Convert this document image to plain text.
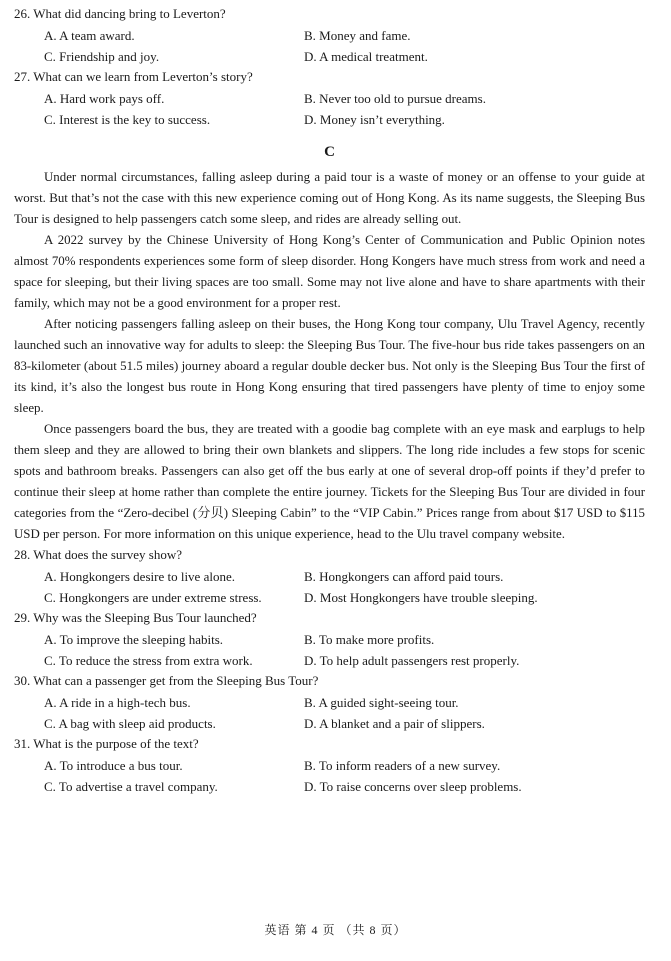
26. What did dancing bring to Leverton?

A. A team award.	B. Money and fame.
C. Friendship and joy.	D. A medical treatment.

27. What can we learn from Leverton’s story?

A. Hard work pays off.	B. Never too old to pursue dreams.
C. Interest is the key to success.	D. Money isn’t everything.
C

Under normal circumstances, falling asleep during a paid tour is a waste of money or an offense to your guide at worst. But that’s not the case with this new experience coming out of Hong Kong. As its name suggests, the Sleeping Bus Tour is designed to help passengers catch some sleep, and rides are already selling out.

A 2022 survey by the Chinese University of Hong Kong’s Center of Communication and Public Opinion notes almost 70% respondents experiences some form of sleep disorder. Hong Kongers have much stress from work and need a space for sleeping, but their living spaces are too small. Some may not live alone and have to share apartments with their family, which may not be a good environment for a proper rest.

After noticing passengers falling asleep on their buses, the Hong Kong tour company, Ulu Travel Agency, recently launched such an innovative way for adults to sleep: the Sleeping Bus Tour. The five-hour bus ride takes passengers on an 83-kilometer (about 51.5 miles) journey aboard a regular double decker bus. Not only is the Sleeping Bus Tour the first of its kind, it’s also the longest bus route in Hong Kong ensuring that tired passengers have plenty of time to enjoy some sleep.

Once passengers board the bus, they are treated with a goodie bag complete with an eye mask and earplugs to help them sleep and they are allowed to bring their own blankets and slippers. The long ride includes a few stops for scenic spots and bathroom breaks. Passengers can also get off the bus early at one of several drop-off points if they’d prefer to continue their sleep at home rather than complete the entire journey. Tickets for the Sleeping Bus Tour are divided in four categories from the “Zero-decibel (分贝) Sleeping Cabin” to the “VIP Cabin.” Prices range from about $17 USD to $115 USD per person. For more information on this unique experience, head to the Ulu travel company website.

28. What does the survey show?

A. Hongkongers desire to live alone.	B. Hongkongers can afford paid tours.
C. Hongkongers are under extreme stress.	D. Most Hongkongers have trouble sleeping.

29. Why was the Sleeping Bus Tour launched?

A. To improve the sleeping habits.	B. To make more profits.
C. To reduce the stress from extra work.	D. To help adult passengers rest properly.

30. What can a passenger get from the Sleeping Bus Tour?

A. A ride in a high-tech bus.	B. A guided sight-seeing tour.
C. A bag with sleep aid products.	D. A blanket and a pair of slippers.

31. What is the purpose of the text?

A. To introduce a bus tour.	B. To inform readers of a new survey.
C. To advertise a travel company.	D. To raise concerns over sleep problems.
英语 第 4 页 （共 8 页）
